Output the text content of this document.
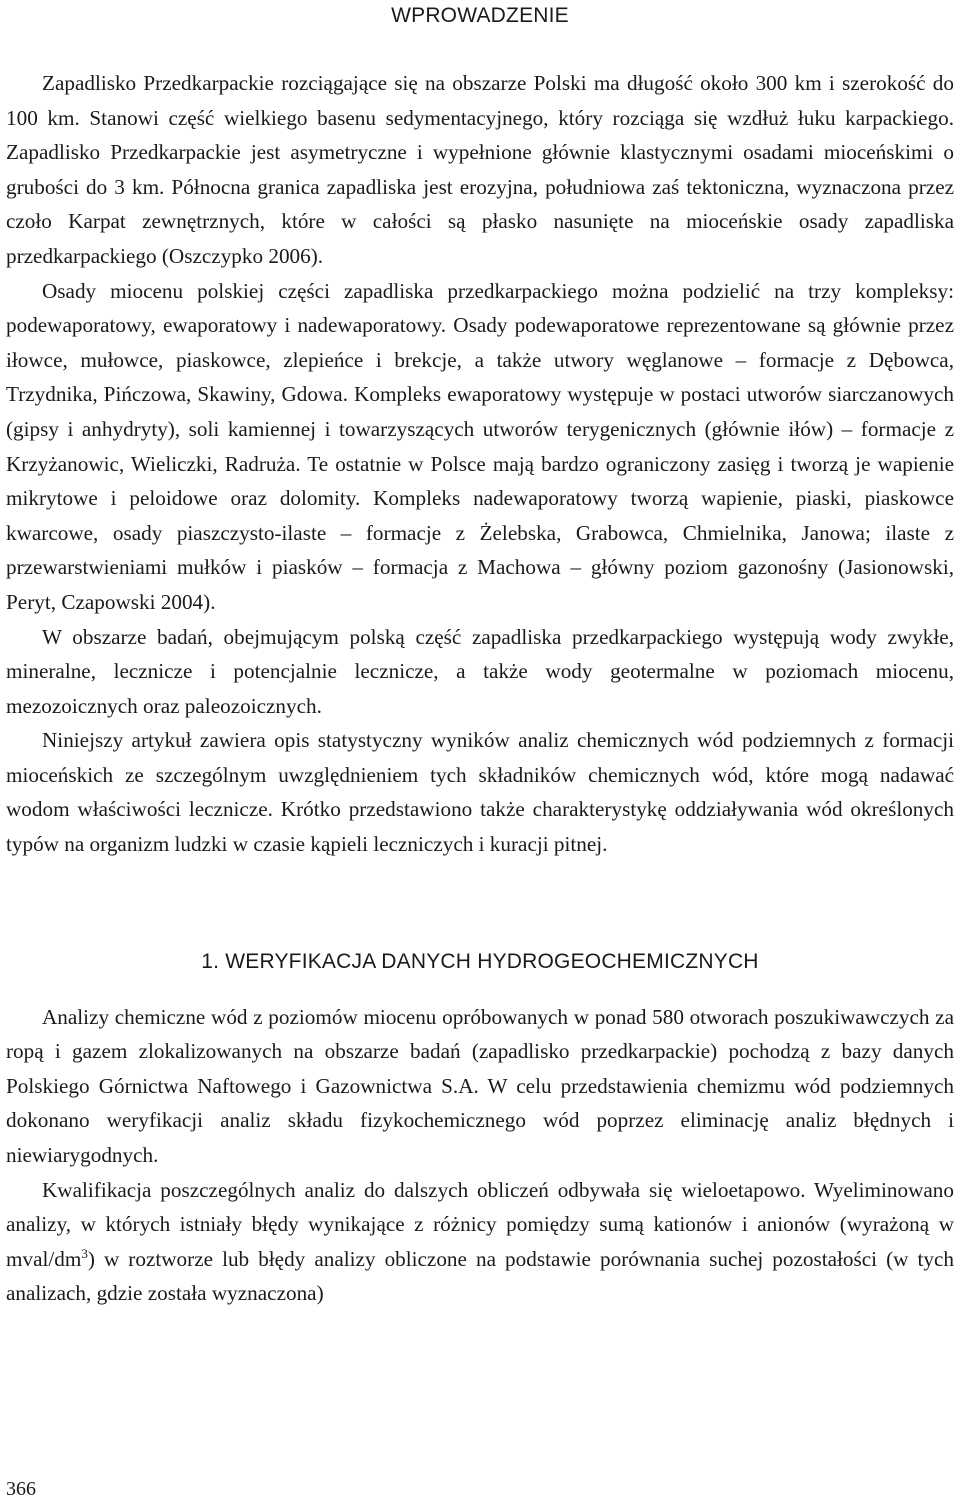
WPROWADZENIE

Zapadlisko Przedkarpackie rozciągające się na obszarze Polski ma długość około 300 km i szerokość do 100 km. Stanowi część wielkiego basenu sedymentacyjnego, który rozciąga się wzdłuż łuku karpackiego. Zapadlisko Przedkarpackie jest asymetryczne i wypełnione głównie klastycznymi osadami mioceńskimi o grubości do 3 km. Północna granica zapadliska jest erozyjna, południowa zaś tektoniczna, wyznaczona przez czoło Karpat zewnętrznych, które w całości są płasko nasunięte na mioceńskie osady zapadliska przedkarpackiego (Oszczypko 2006).

Osady miocenu polskiej części zapadliska przedkarpackiego można podzielić na trzy kompleksy: podewaporatowy, ewaporatowy i nadewaporatowy. Osady podewaporatowe reprezentowane są głównie przez iłowce, mułowce, piaskowce, zlepieńce i brekcje, a także utwory węglanowe – formacje z Dębowca, Trzydnika, Pińczowa, Skawiny, Gdowa. Kompleks ewaporatowy występuje w postaci utworów siarczanowych (gipsy i anhydryty), soli kamiennej i towarzyszących utworów terygenicznych (głównie iłów) – formacje z Krzyżanowic, Wieliczki, Radruża. Te ostatnie w Polsce mają bardzo ograniczony zasięg i tworzą je wapienie mikrytowe i peloidowe oraz dolomity. Kompleks nadewaporatowy tworzą wapienie, piaski, piaskowce kwarcowe, osady piaszczysto-ilaste – formacje z Żelebska, Grabowca, Chmielnika, Janowa; ilaste z przewarstwieniami mułków i piasków – formacja z Machowa – główny poziom gazonośny (Jasionowski, Peryt, Czapowski 2004).

W obszarze badań, obejmującym polską część zapadliska przedkarpackiego występują wody zwykłe, mineralne, lecznicze i potencjalnie lecznicze, a także wody geotermalne w poziomach miocenu, mezozoicznych oraz paleozoicznych.

Niniejszy artykuł zawiera opis statystyczny wyników analiz chemicznych wód podziemnych z formacji mioceńskich ze szczególnym uwzględnieniem tych składników chemicznych wód, które mogą nadawać wodom właściwości lecznicze. Krótko przedstawiono także charakterystykę oddziaływania wód określonych typów na organizm ludzki w czasie kąpieli leczniczych i kuracji pitnej.

1. WERYFIKACJA DANYCH HYDROGEOCHEMICZNYCH

Analizy chemiczne wód z poziomów miocenu opróbowanych w ponad 580 otworach poszukiwawczych za ropą i gazem zlokalizowanych na obszarze badań (zapadlisko przedkarpackie) pochodzą z bazy danych Polskiego Górnictwa Naftowego i Gazownictwa S.A. W celu przedstawienia chemizmu wód podziemnych dokonano weryfikacji analiz składu fizykochemicznego wód poprzez eliminację analiz błędnych i niewiarygodnych.

Kwalifikacja poszczególnych analiz do dalszych obliczeń odbywała się wieloetapowo. Wyeliminowano analizy, w których istniały błędy wynikające z różnicy pomiędzy sumą kationów i anionów (wyrażoną w mval/$dm^3$) w roztworze lub błędy analizy obliczone na podstawie porównania suchej pozostałości (w tych analizach, gdzie została wyznaczona)

366
